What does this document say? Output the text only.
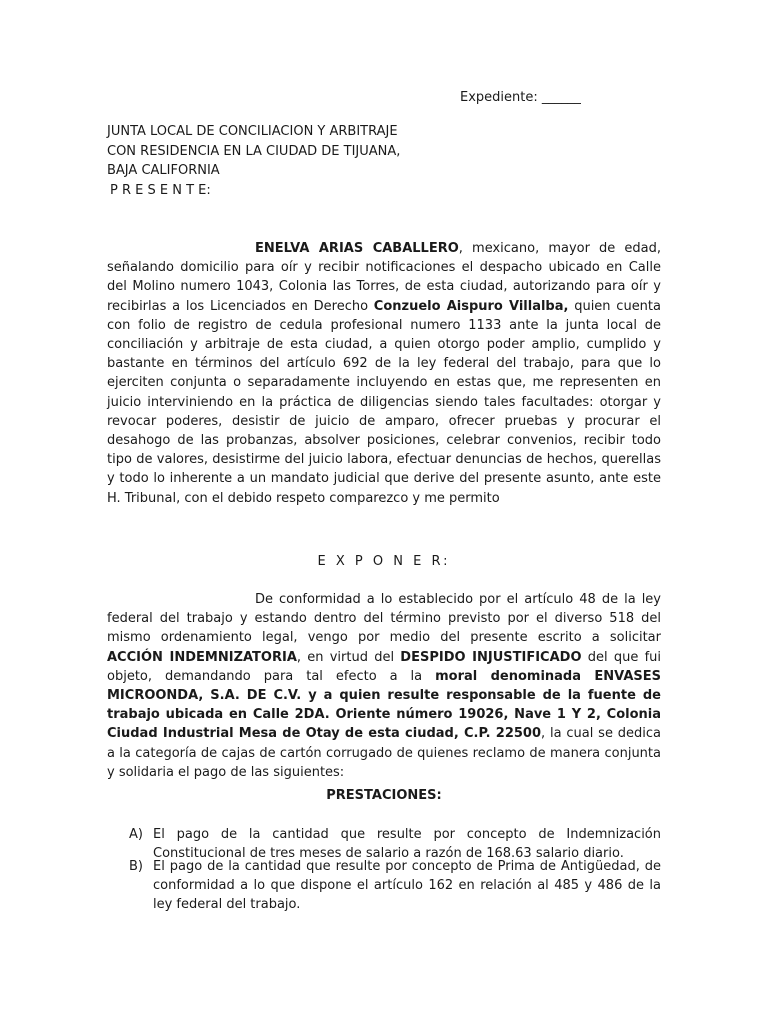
Expediente: ______
JUNTA LOCAL DE CONCILIACION Y ARBITRAJE
CON RESIDENCIA EN LA CIUDAD DE TIJUANA,
BAJA CALIFORNIA
P R E S E N T E:
ENELVA ARIAS CABALLERO, mexicano, mayor de edad, señalando domicilio para oír y recibir notificaciones el despacho ubicado en Calle del Molino numero 1043, Colonia las Torres, de esta ciudad, autorizando para oír y recibirlas a los Licenciados en Derecho Conzuelo Aispuro Villalba, quien cuenta con folio de registro de cedula profesional numero 1133 ante la junta local de conciliación y arbitraje de esta ciudad, a quien otorgo poder amplio, cumplido y bastante en términos del artículo 692 de la ley federal del trabajo, para que lo ejerciten conjunta o separadamente incluyendo en estas que, me representen en juicio interviniendo en la práctica de diligencias siendo tales facultades: otorgar y revocar poderes, desistir de juicio de amparo, ofrecer pruebas y procurar el desahogo de las probanzas, absolver posiciones, celebrar convenios, recibir todo tipo de valores, desistirme del juicio labora, efectuar denuncias de hechos, querellas y todo lo inherente a un mandato judicial que derive del presente asunto, ante este H. Tribunal, con el debido respeto comparezco y me permito
E X P O N E R:
De conformidad a lo establecido por el artículo 48 de la ley federal del trabajo y estando dentro del término previsto por el diverso 518 del mismo ordenamiento legal, vengo por medio del presente escrito a solicitar ACCIÓN INDEMNIZATORIA, en virtud del DESPIDO INJUSTIFICADO del que fui objeto, demandando para tal efecto a la moral denominada ENVASES MICROONDA, S.A. DE C.V. y a quien resulte responsable de la fuente de trabajo ubicada en Calle 2DA. Oriente número 19026, Nave 1 Y 2, Colonia Ciudad Industrial Mesa de Otay de esta ciudad, C.P. 22500, la cual se dedica a la categoría de cajas de cartón corrugado de quienes reclamo de manera conjunta y solidaria el pago de las siguientes:
PRESTACIONES:
A) El pago de la cantidad que resulte por concepto de Indemnización Constitucional de tres meses de salario a razón de 168.63 salario diario.
B) El pago de la cantidad que resulte por concepto de Prima de Antigüedad, de conformidad a lo que dispone el artículo 162 en relación al 485 y 486 de la ley federal del trabajo.
